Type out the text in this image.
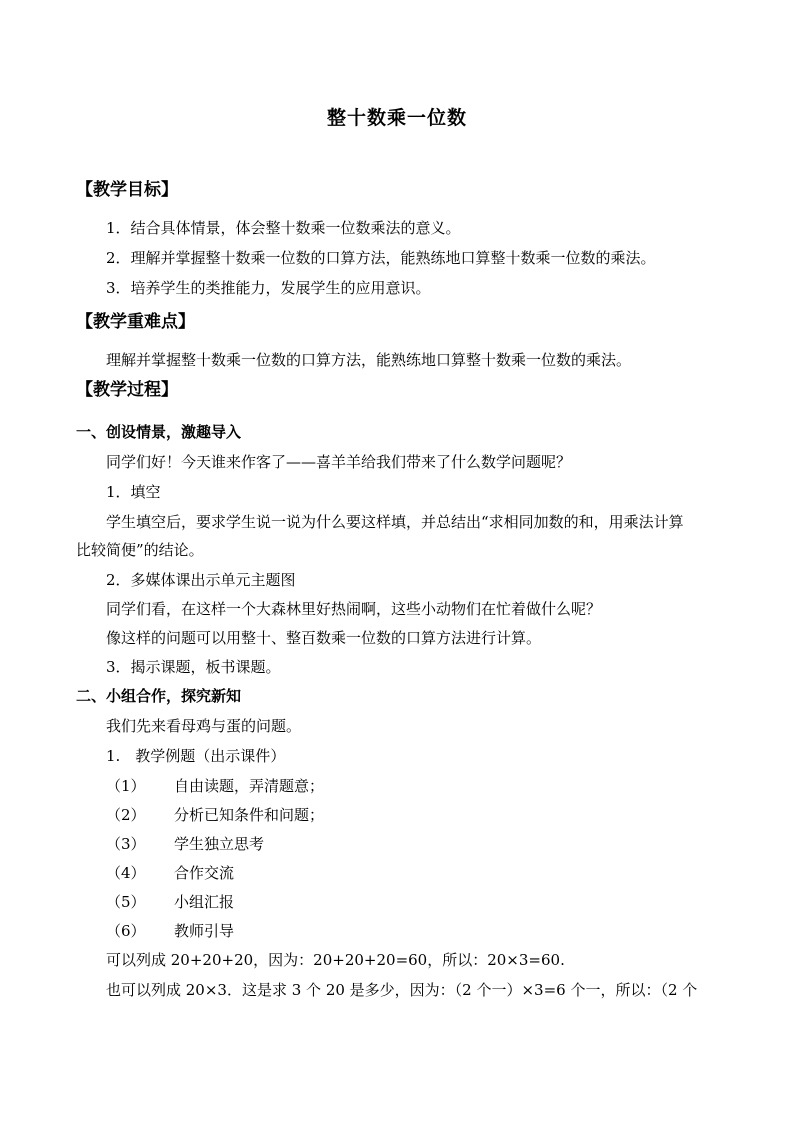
整十数乘一位数
【教学目标】
1．结合具体情景，体会整十数乘一位数乘法的意义。
2．理解并掌握整十数乘一位数的口算方法，能熟练地口算整十数乘一位数的乘法。
3．培养学生的类推能力，发展学生的应用意识。
【教学重难点】
理解并掌握整十数乘一位数的口算方法，能熟练地口算整十数乘一位数的乘法。
【教学过程】
一、创设情景，激趣导入
同学们好！今天谁来作客了——喜羊羊给我们带来了什么数学问题呢？
1．填空
学生填空后，要求学生说一说为什么要这样填，并总结出“求相同加数的和，用乘法计算
比较简便”的结论。
2．多媒体课出示单元主题图
同学们看，在这样一个大森林里好热闹啊，这些小动物们在忙着做什么呢？
像这样的问题可以用整十、整百数乘一位数的口算方法进行计算。
3．揭示课题，板书课题。
二、小组合作，探究新知
我们先来看母鸡与蛋的问题。
1.　教学例题（出示课件）
（1） 自由读题，弄清题意；
（2） 分析已知条件和问题；
（3） 学生独立思考
（4） 合作交流
（5） 小组汇报
（6） 教师引导
可以列成 20+20+20，因为：20+20+20=60，所以：20×3=60.
也可以列成 20×3．这是求 3 个 20 是多少，因为：（2 个一）×3=6 个一，所以：（2 个
